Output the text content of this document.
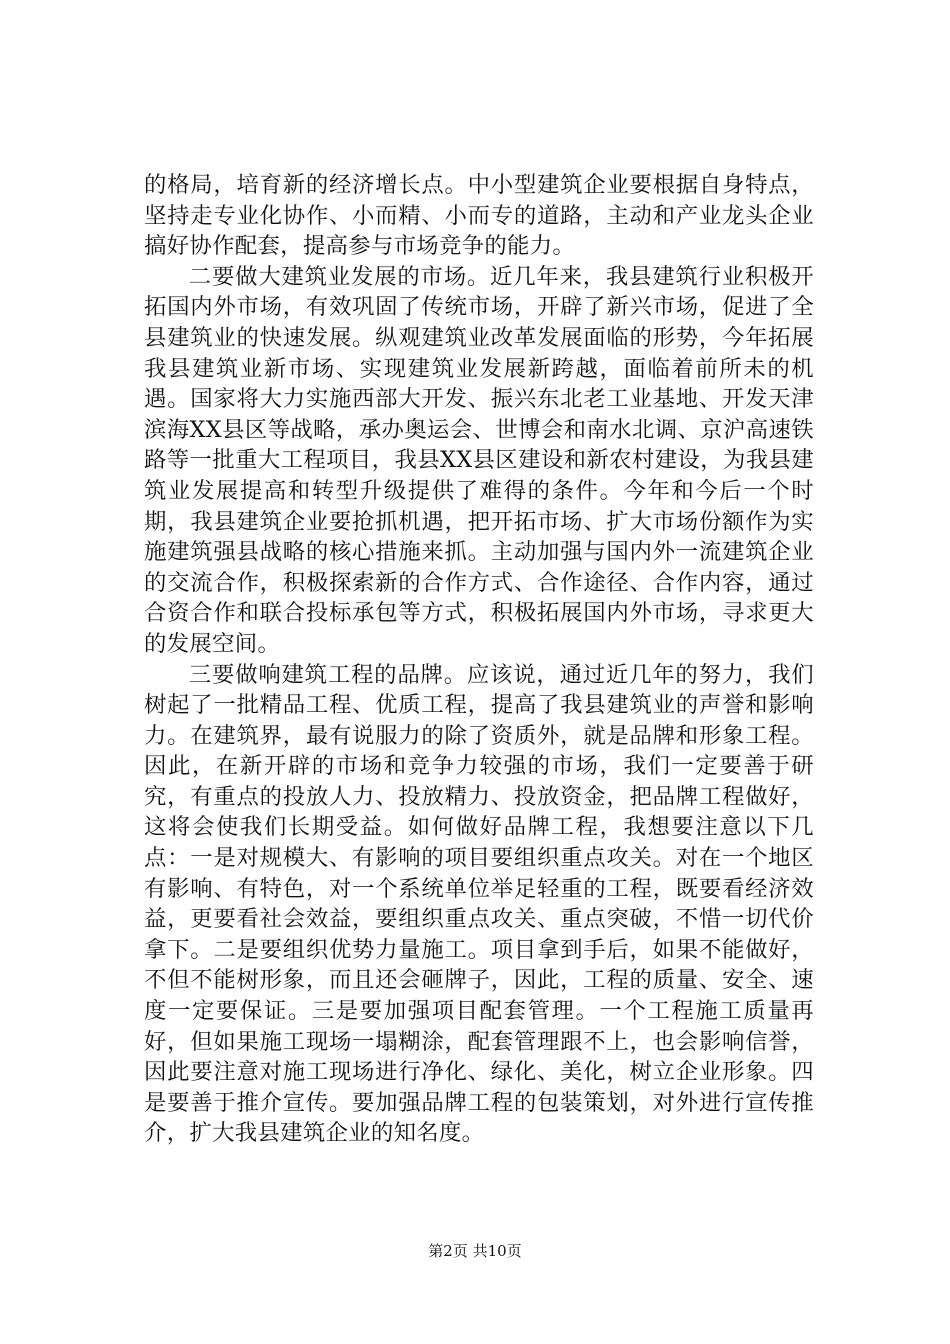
的格局，培育新的经济增长点。中小型建筑企业要根据自身特点，坚持走专业化协作、小而精、小而专的道路，主动和产业龙头企业搞好协作配套，提高参与市场竞争的能力。

二要做大建筑业发展的市场。近几年来，我县建筑行业积极开拓国内外市场，有效巩固了传统市场，开辟了新兴市场，促进了全县建筑业的快速发展。纵观建筑业改革发展面临的形势，今年拓展我县建筑业新市场、实现建筑业发展新跨越，面临着前所未的机遇。国家将大力实施西部大开发、振兴东北老工业基地、开发天津滨海XX县区等战略，承办奥运会、世博会和南水北调、京沪高速铁路等一批重大工程项目，我县XX县区建设和新农村建设，为我县建筑业发展提高和转型升级提供了难得的条件。今年和今后一个时期，我县建筑企业要抢抓机遇，把开拓市场、扩大市场份额作为实施建筑强县战略的核心措施来抓。主动加强与国内外一流建筑企业的交流合作，积极探索新的合作方式、合作途径、合作内容，通过合资合作和联合投标承包等方式，积极拓展国内外市场，寻求更大的发展空间。

三要做响建筑工程的品牌。应该说，通过近几年的努力，我们树起了一批精品工程、优质工程，提高了我县建筑业的声誉和影响力。在建筑界，最有说服力的除了资质外，就是品牌和形象工程。因此，在新开辟的市场和竞争力较强的市场，我们一定要善于研究，有重点的投放人力、投放精力、投放资金，把品牌工程做好，这将会使我们长期受益。如何做好品牌工程，我想要注意以下几点：一是对规模大、有影响的项目要组织重点攻关。对在一个地区有影响、有特色，对一个系统单位举足轻重的工程，既要看经济效益，更要看社会效益，要组织重点攻关、重点突破，不惜一切代价拿下。二是要组织优势力量施工。项目拿到手后，如果不能做好，不但不能树形象，而且还会砸牌子，因此，工程的质量、安全、速度一定要保证。三是要加强项目配套管理。一个工程施工质量再好，但如果施工现场一塌糊涂，配套管理跟不上，也会影响信誉，因此要注意对施工现场进行净化、绿化、美化，树立企业形象。四是要善于推介宣传。要加强品牌工程的包装策划，对外进行宣传推介，扩大我县建筑企业的知名度。

第2页 共10页
